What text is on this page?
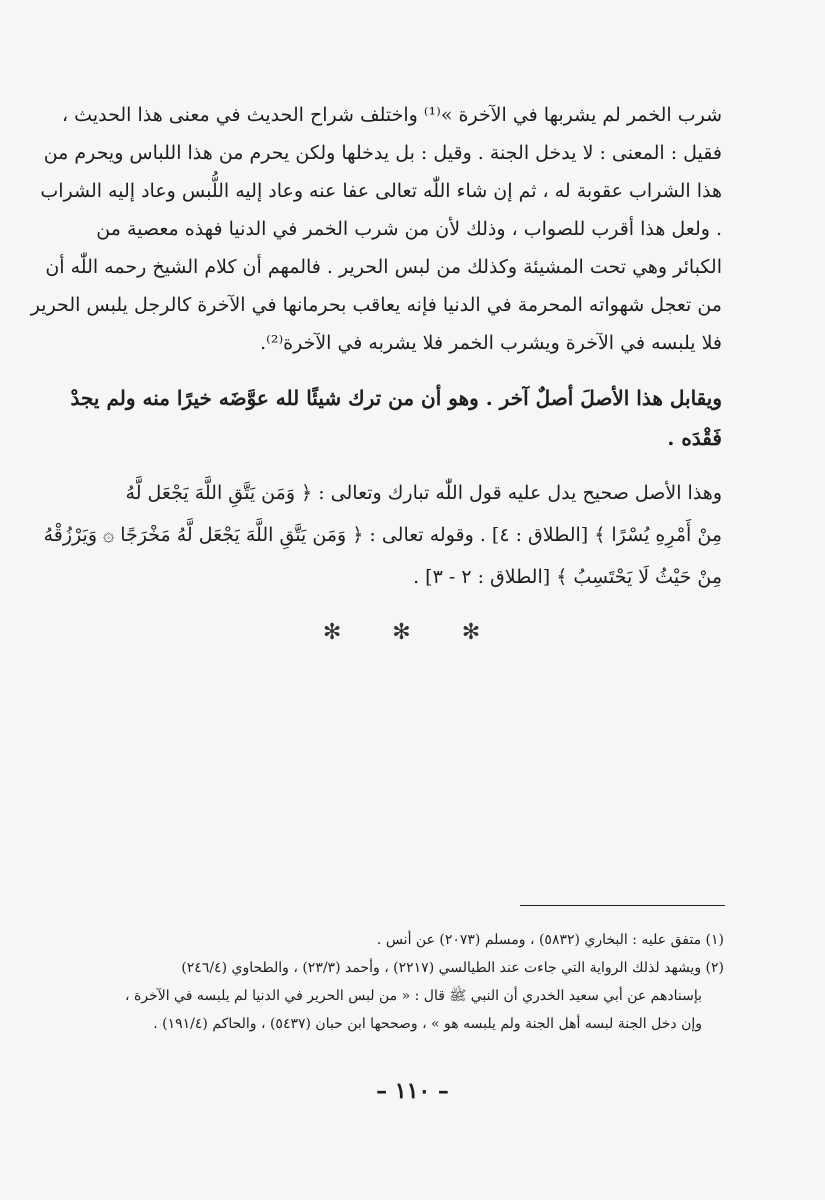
شرب الخمر لم يشربها في الآخرة »⁽¹⁾ واختلف شراح الحديث في معنى هذا الحديث ،
فقيل : المعنى : لا يدخل الجنة . وقيل : بل يدخلها ولكن يحرم من هذا اللباس ويحرم من
هذا الشراب عقوبة له ، ثم إن شاء اللّٰه تعالى عفا عنه وعاد إليه اللُّبس وعاد إليه الشراب
. ولعل هذا أقرب للصواب ، وذلك لأن من شرب الخمر في الدنيا فهذه معصية من
الكبائر وهي تحت المشيئة وكذلك من لبس الحرير . فالمهم أن كلام الشيخ رحمه اللّٰه أن
من تعجل شهواته المحرمة في الدنيا فإنه يعاقب بحرمانها في الآخرة كالرجل يلبس الحرير
فلا يلبسه في الآخرة ويشرب الخمر فلا يشربه في الآخرة⁽²⁾.
ويقابل هذا الأصلَ أصلٌ آخر . وهو أن من ترك شيئًا لله عوَّضَه خيرًا منه ولم يجدْ
فَقْدَه .
وهذا الأصل صحيح يدل عليه قول اللّٰه تبارك وتعالى : ﴿ وَمَن يَتَّقِ اللَّهَ يَجْعَل لَّهُ
مِنْ أَمْرِهِ يُسْرًا ﴾ [الطلاق : ٤] . وقوله تعالى : ﴿ وَمَن يَتَّقِ اللَّهَ يَجْعَل لَّهُ مَخْرَجًا ۞ وَيَرْزُقْهُ
مِنْ حَيْثُ لَا يَحْتَسِبُ ﴾ [الطلاق : ٢ - ٣] .
✻ ✻ ✻
(١) متفق عليه : البخاري (٥٨٣٢) ، ومسلم (٢٠٧٣) عن أنس .
(٢) ويشهد لذلك الرواية التي جاءت عند الطيالسي (٢٢١٧) ، وأحمد (٢٣/٣) ، والطحاوي (٢٤٦/٤)
بإسنادهم عن أبي سعيد الخدري أن النبي ﷺ قال : « من لبس الحرير في الدنيا لم يلبسه في الآخرة ،
وإن دخل الجنة لبسه أهل الجنة ولم يلبسه هو » ، وصححها ابن حبان (٥٤٣٧) ، والحاكم (١٩١/٤) .
– ١١٠ –
